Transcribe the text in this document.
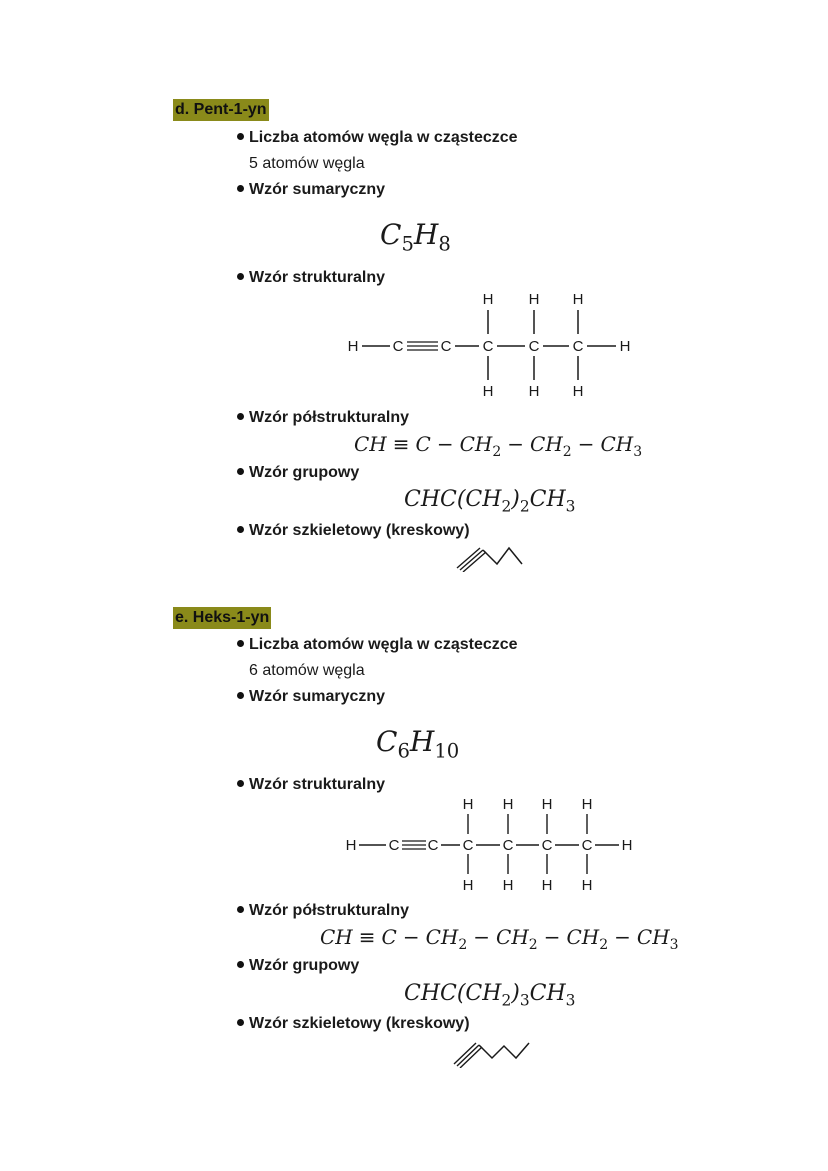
d. Pent-1-yn
Liczba atomów węgla w cząsteczce
5 atomów węgla
Wzór sumaryczny
$C_5H_8$
Wzór strukturalny
H H H
H C C C C C H
H H H
Wzór półstrukturalny
CH ≡ $C - CH_2 - CH_2 - CH_3$
Wzór grupowy
$CHC(CH_2)_2CH_3$
Wzór szkieletowy (kreskowy)
e. Heks-1-yn
Liczba atomów węgla w cząsteczce
6 atomów węgla
Wzór sumaryczny
$C_6H_{10}$
Wzór strukturalny
H H H H
H C C C C C C H
H H H H
Wzór półstrukturalny
CH ≡ $C - CH_2 - CH_2 - CH_2 - CH_3$
Wzór grupowy
$CHC(CH_2)_3CH_3$
Wzór szkieletowy (kreskowy)
